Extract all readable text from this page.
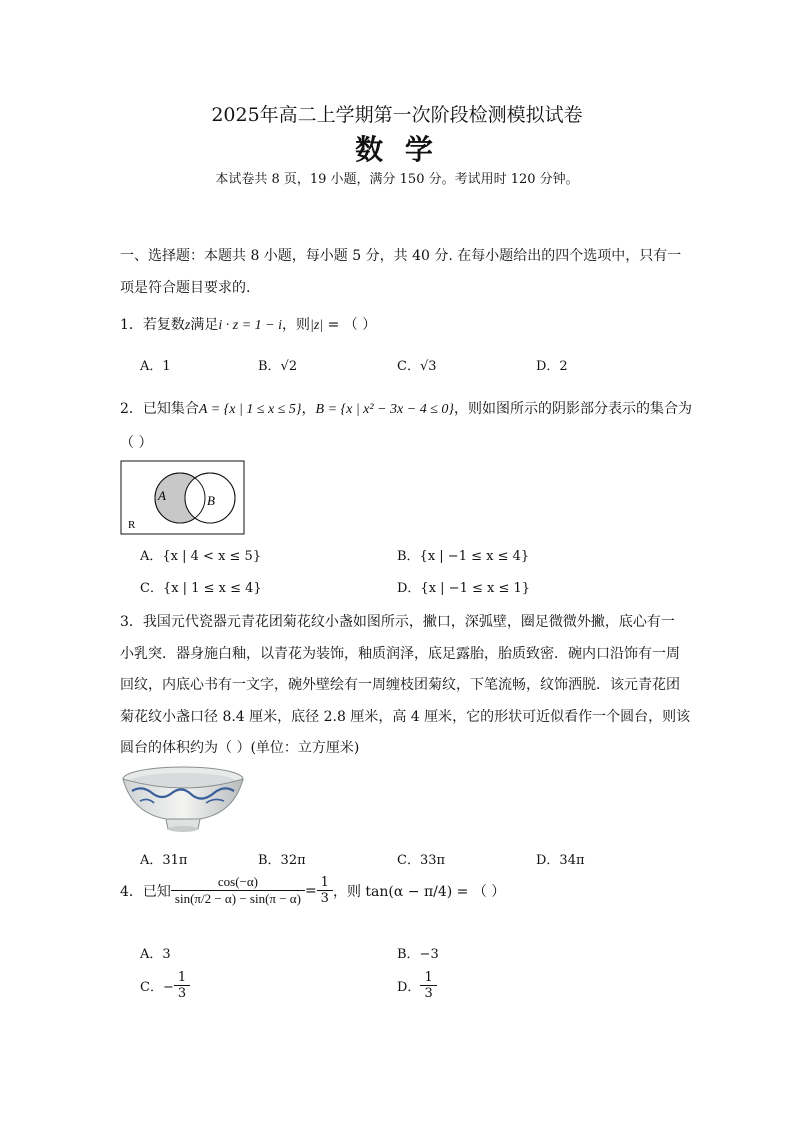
2025年高二上学期第一次阶段检测模拟试卷
数 学
本试卷共 8 页，19 小题，满分 150 分。考试用时 120 分钟。
一、选择题：本题共 8 小题，每小题 5 分，共 40 分. 在每小题给出的四个选项中，只有一
项是符合题目要求的.
1．若复数z满足i · z = 1 − i，则|z| = （ ）
A．1	B．√2	C．√3	D．2
2．已知集合A = {x | 1 ≤ x ≤ 5}，B = {x | x² − 3x − 4 ≤ 0}，则如图所示的阴影部分表示的集合为
（ ）
A	B
R
A．{x | 4 < x ≤ 5}	B．{x | −1 ≤ x ≤ 4}
C．{x | 1 ≤ x ≤ 4}	D．{x | −1 ≤ x ≤ 1}
3．我国元代瓷器元青花团菊花纹小盏如图所示，撇口，深弧壁，圈足微微外撇，底心有一
小乳突．器身施白釉，以青花为装饰，釉质润泽，底足露胎，胎质致密．碗内口沿饰有一周
回纹，内底心书有一文字，碗外壁绘有一周缠枝团菊纹，下笔流畅，纹饰洒脱．该元青花团
菊花纹小盏口径 8.4 厘米，底径 2.8 厘米，高 4 厘米，它的形状可近似看作一个圆台，则该
圆台的体积约为（ ）(单位：立方厘米)
A．31π	B．32π	C．33π	D．34π
4．已知 $\frac{\cos(-\alpha)}{\sin(\pi/2 - \alpha) - \sin(\pi - \alpha)} = \frac{1}{3}$ ，则 tan(α − π/4) = （ ）
A．3	B．−3
C．− $\frac{1}{3}$	D． $\frac{1}{3}$
